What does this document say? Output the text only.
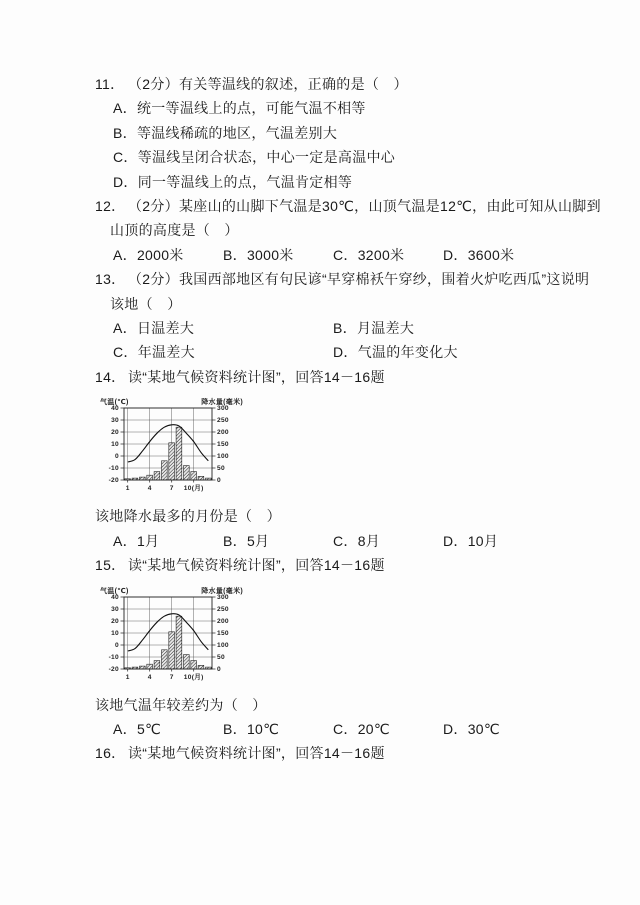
11． （2分）有关等温线的叙述，正确的是（　）
A．统一等温线上的点，可能气温不相等
B．等温线稀疏的地区，气温差别大
C．等温线呈闭合状态，中心一定是高温中心
D．同一等温线上的点，气温肯定相等
12． （2分）某座山的山脚下气温是30℃，山顶气温是12℃，由此可知从山脚到
山顶的高度是（　）
A．2000米	B．3000米	C．3200米	D．3600米
13． （2分）我国西部地区有句民谚“早穿棉袄午穿纱，围着火炉吃西瓜”这说明
该地（　）
A．日温差大	B．月温差大
C．年温差大	D．气温的年变化大
14． 读“某地气候资料统计图”，回答14－16题
40
30
20
10
0
-10
-20
300
250
200
150
100
50
0
1	4	7 10(月)
气温(℃)	降水量(毫米)
该地降水最多的月份是（　）
A．1月	B．5月	C．8月	D．10月
15． 读“某地气候资料统计图”，回答14－16题
40
30
20
10
0
-10
-20
300
250
200
150
100
50
0
1	4	7 10(月)
气温(℃)	降水量(毫米)
该地气温年较差约为（　）
A．5℃	B．10℃	C．20℃	D．30℃
16． 读“某地气候资料统计图”，回答14－16题
